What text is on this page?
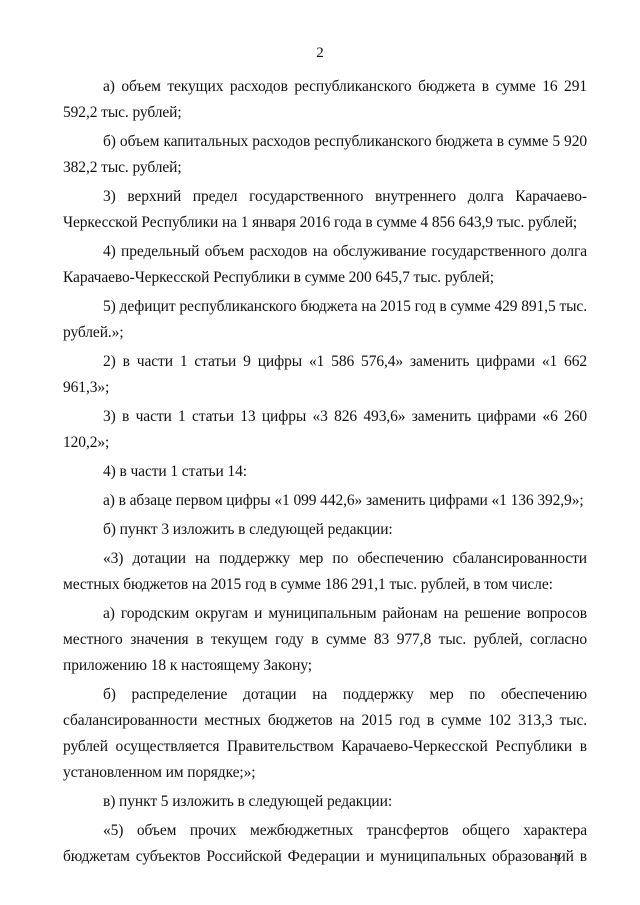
2

а) объем текущих расходов республиканского бюджета в сумме 16 291 592,2 тыс. рублей;

б) объем капитальных расходов республиканского бюджета в сумме 5 920 382,2 тыс. рублей;

3) верхний предел государственного внутреннего долга Карачаево-Черкесской Республики на 1 января 2016 года в сумме 4 856 643,9 тыс. рублей;

4) предельный объем расходов на обслуживание государственного долга Карачаево-Черкесской Республики в сумме 200 645,7 тыс. рублей;

5) дефицит республиканского бюджета на 2015 год в сумме 429 891,5 тыс. рублей.»;

2) в части 1 статьи 9 цифры «1 586 576,4» заменить цифрами «1 662 961,3»;

3) в части 1 статьи 13 цифры «3 826 493,6» заменить цифрами «6 260 120,2»;

4) в части 1 статьи 14:

а) в абзаце первом цифры «1 099 442,6» заменить цифрами «1 136 392,9»;

б) пункт 3 изложить в следующей редакции:

«3) дотации на поддержку мер по обеспечению сбалансированности местных бюджетов на 2015 год в сумме 186 291,1 тыс. рублей, в том числе:

а) городским округам и муниципальным районам на решение вопросов местного значения в текущем году в сумме 83 977,8 тыс. рублей, согласно приложению 18 к настоящему Закону;

б) распределение дотации на поддержку мер по обеспечению сбалансированности местных бюджетов на 2015 год в сумме 102 313,3 тыс. рублей осуществляется Правительством Карачаево-Черкесской Республики в установленном им порядке;»;

в) пункт 5 изложить в следующей редакции:

«5) объем прочих межбюджетных трансфертов общего характера бюджетам субъектов Российской Федерации и муниципальных образований в
